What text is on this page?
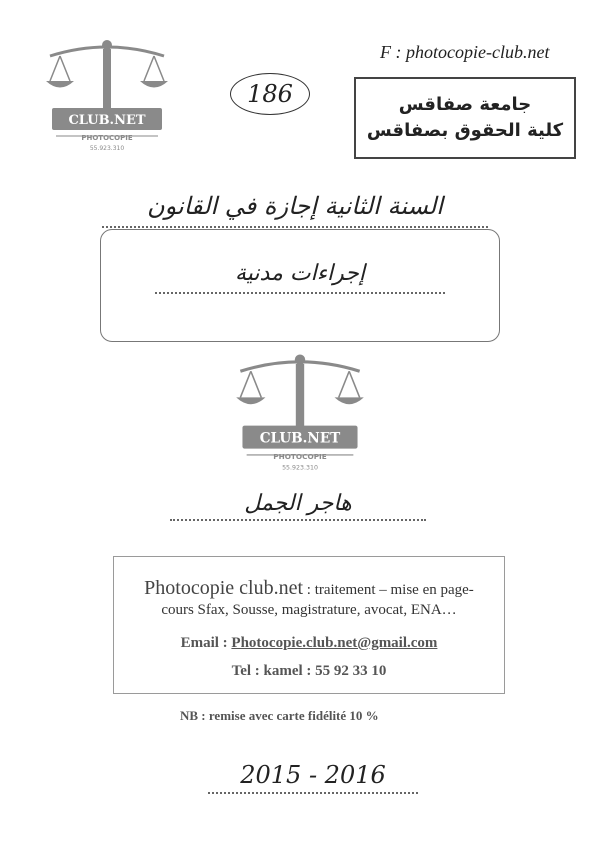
F : photocopie-club.net
CLUB.NET
PHOTOCOPIE
55.923.310
186	جامعة صفاقس
كلية الحقوق بصفاقس
السنة الثانية إجازة في القانون
إجراءات مدنية
CLUB.NET
PHOTOCOPIE
55.923.310
هاجر الجمل
Photocopie club.net : traitement – mise en page-
cours Sfax, Sousse, magistrature, avocat, ENA…
Email : Photocopie.club.net@gmail.com
Tel : kamel : 55 92 33 10
NB : remise avec carte fidélité 10 %
2015 - 2016
